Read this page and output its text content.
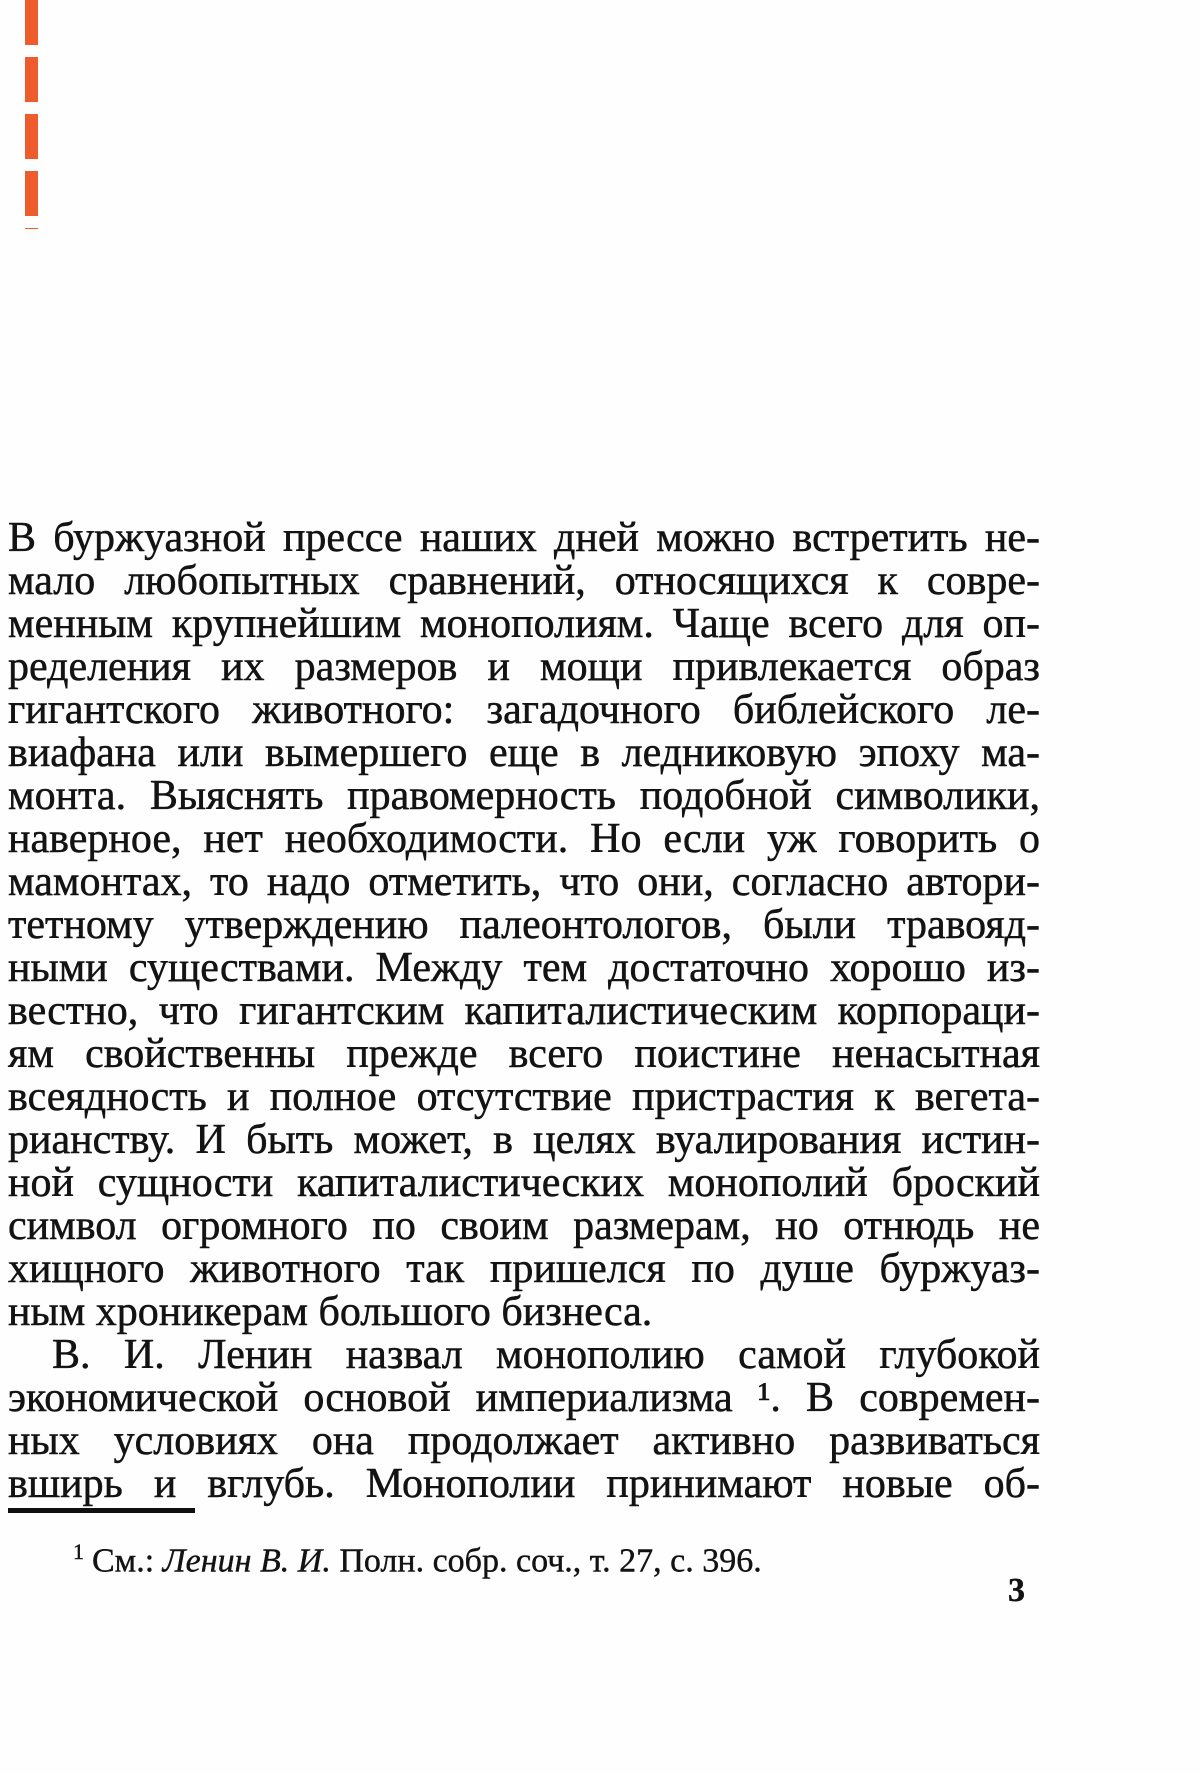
В буржуазной прессе наших дней можно встретить не-
мало любопытных сравнений, относящихся к совре-
менным крупнейшим монополиям. Чаще всего для оп-
ределения их размеров и мощи привлекается образ
гигантского животного: загадочного библейского ле-
виафана или вымершего еще в ледниковую эпоху ма-
монта. Выяснять правомерность подобной символики,
наверное, нет необходимости. Но если уж говорить о
мамонтах, то надо отметить, что они, согласно автори-
тетному утверждению палеонтологов, были травояд-
ными существами. Между тем достаточно хорошо из-
вестно, что гигантским капиталистическим корпораци-
ям свойственны прежде всего поистине ненасытная
всеядность и полное отсутствие пристрастия к вегета-
рианству. И быть может, в целях вуалирования истин-
ной сущности капиталистических монополий броский
символ огромного по своим размерам, но отнюдь не
хищного животного так пришелся по душе буржуаз-
ным хроникерам большого бизнеса.
В. И. Ленин назвал монополию самой глубокой
экономической основой империализма ¹. В современ-
ных условиях она продолжает активно развиваться
вширь и вглубь. Монополии принимают новые об-
$^1$ См.: Ленин В. И. Полн. собр. соч., т. 27, с. 396.
3
